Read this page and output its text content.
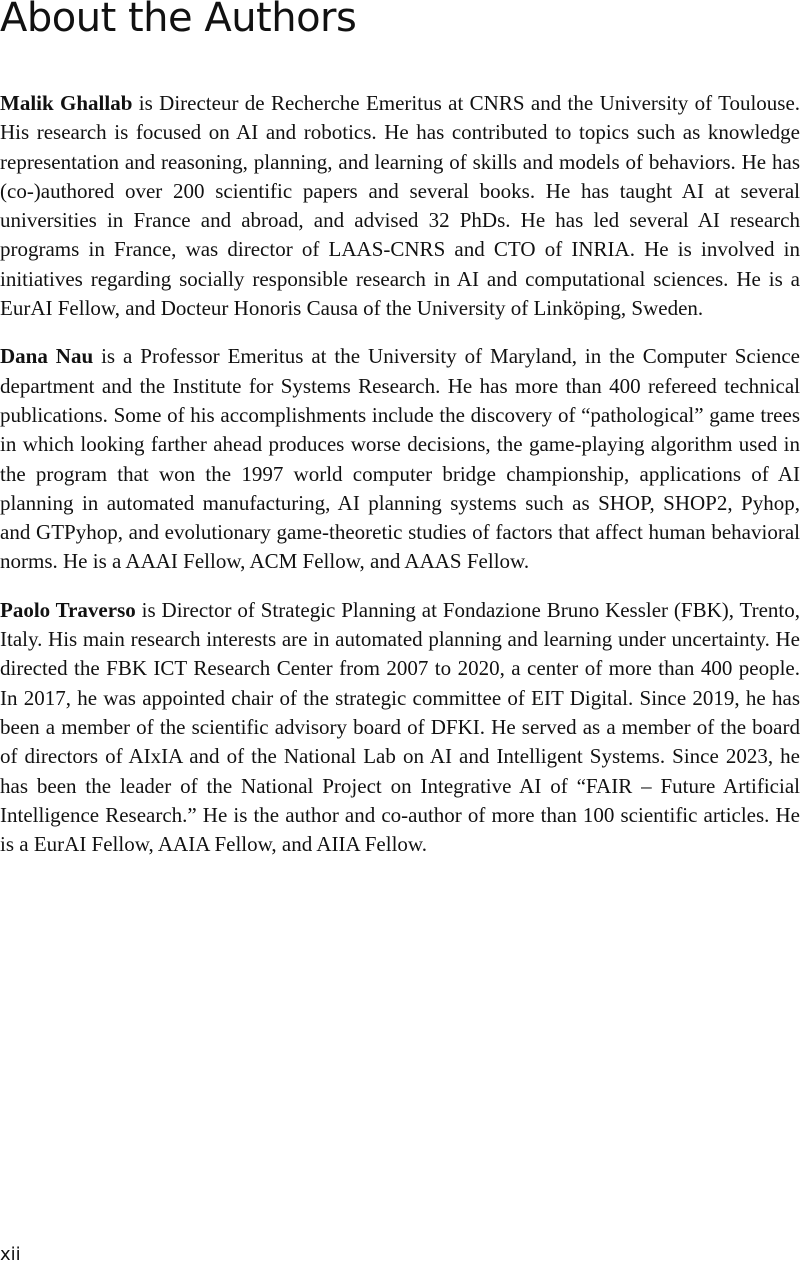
About the Authors

Malik Ghallab is Directeur de Recherche Emeritus at CNRS and the University of Toulouse. His research is focused on AI and robotics. He has contributed to topics such as knowledge representation and reasoning, planning, and learning of skills and models of behaviors. He has (co-)authored over 200 scientific papers and several books. He has taught AI at several universities in France and abroad, and advised 32 PhDs. He has led several AI research programs in France, was director of LAAS-CNRS and CTO of INRIA. He is involved in initiatives regarding socially responsible research in AI and computational sciences. He is a EurAI Fellow, and Docteur Honoris Causa of the University of Linköping, Sweden.

Dana Nau is a Professor Emeritus at the University of Maryland, in the Computer Science department and the Institute for Systems Research. He has more than 400 refereed technical publications. Some of his accomplishments include the discovery of “pathological” game trees in which looking farther ahead produces worse decisions, the game-playing algorithm used in the program that won the 1997 world computer bridge championship, applications of AI planning in automated manufacturing, AI planning systems such as SHOP, SHOP2, Pyhop, and GTPyhop, and evolutionary game-theoretic studies of factors that affect human behavioral norms. He is a AAAI Fellow, ACM Fellow, and AAAS Fellow.

Paolo Traverso is Director of Strategic Planning at Fondazione Bruno Kessler (FBK), Trento, Italy. His main research interests are in automated planning and learning under uncertainty. He directed the FBK ICT Research Center from 2007 to 2020, a center of more than 400 people. In 2017, he was appointed chair of the strategic committee of EIT Digital. Since 2019, he has been a member of the scientific advisory board of DFKI. He served as a member of the board of directors of AIxIA and of the National Lab on AI and Intelligent Systems. Since 2023, he has been the leader of the National Project on Integrative AI of “FAIR – Future Artificial Intelligence Research.” He is the author and co-author of more than 100 scientific articles. He is a EurAI Fellow, AAIA Fellow, and AIIA Fellow.

xii
